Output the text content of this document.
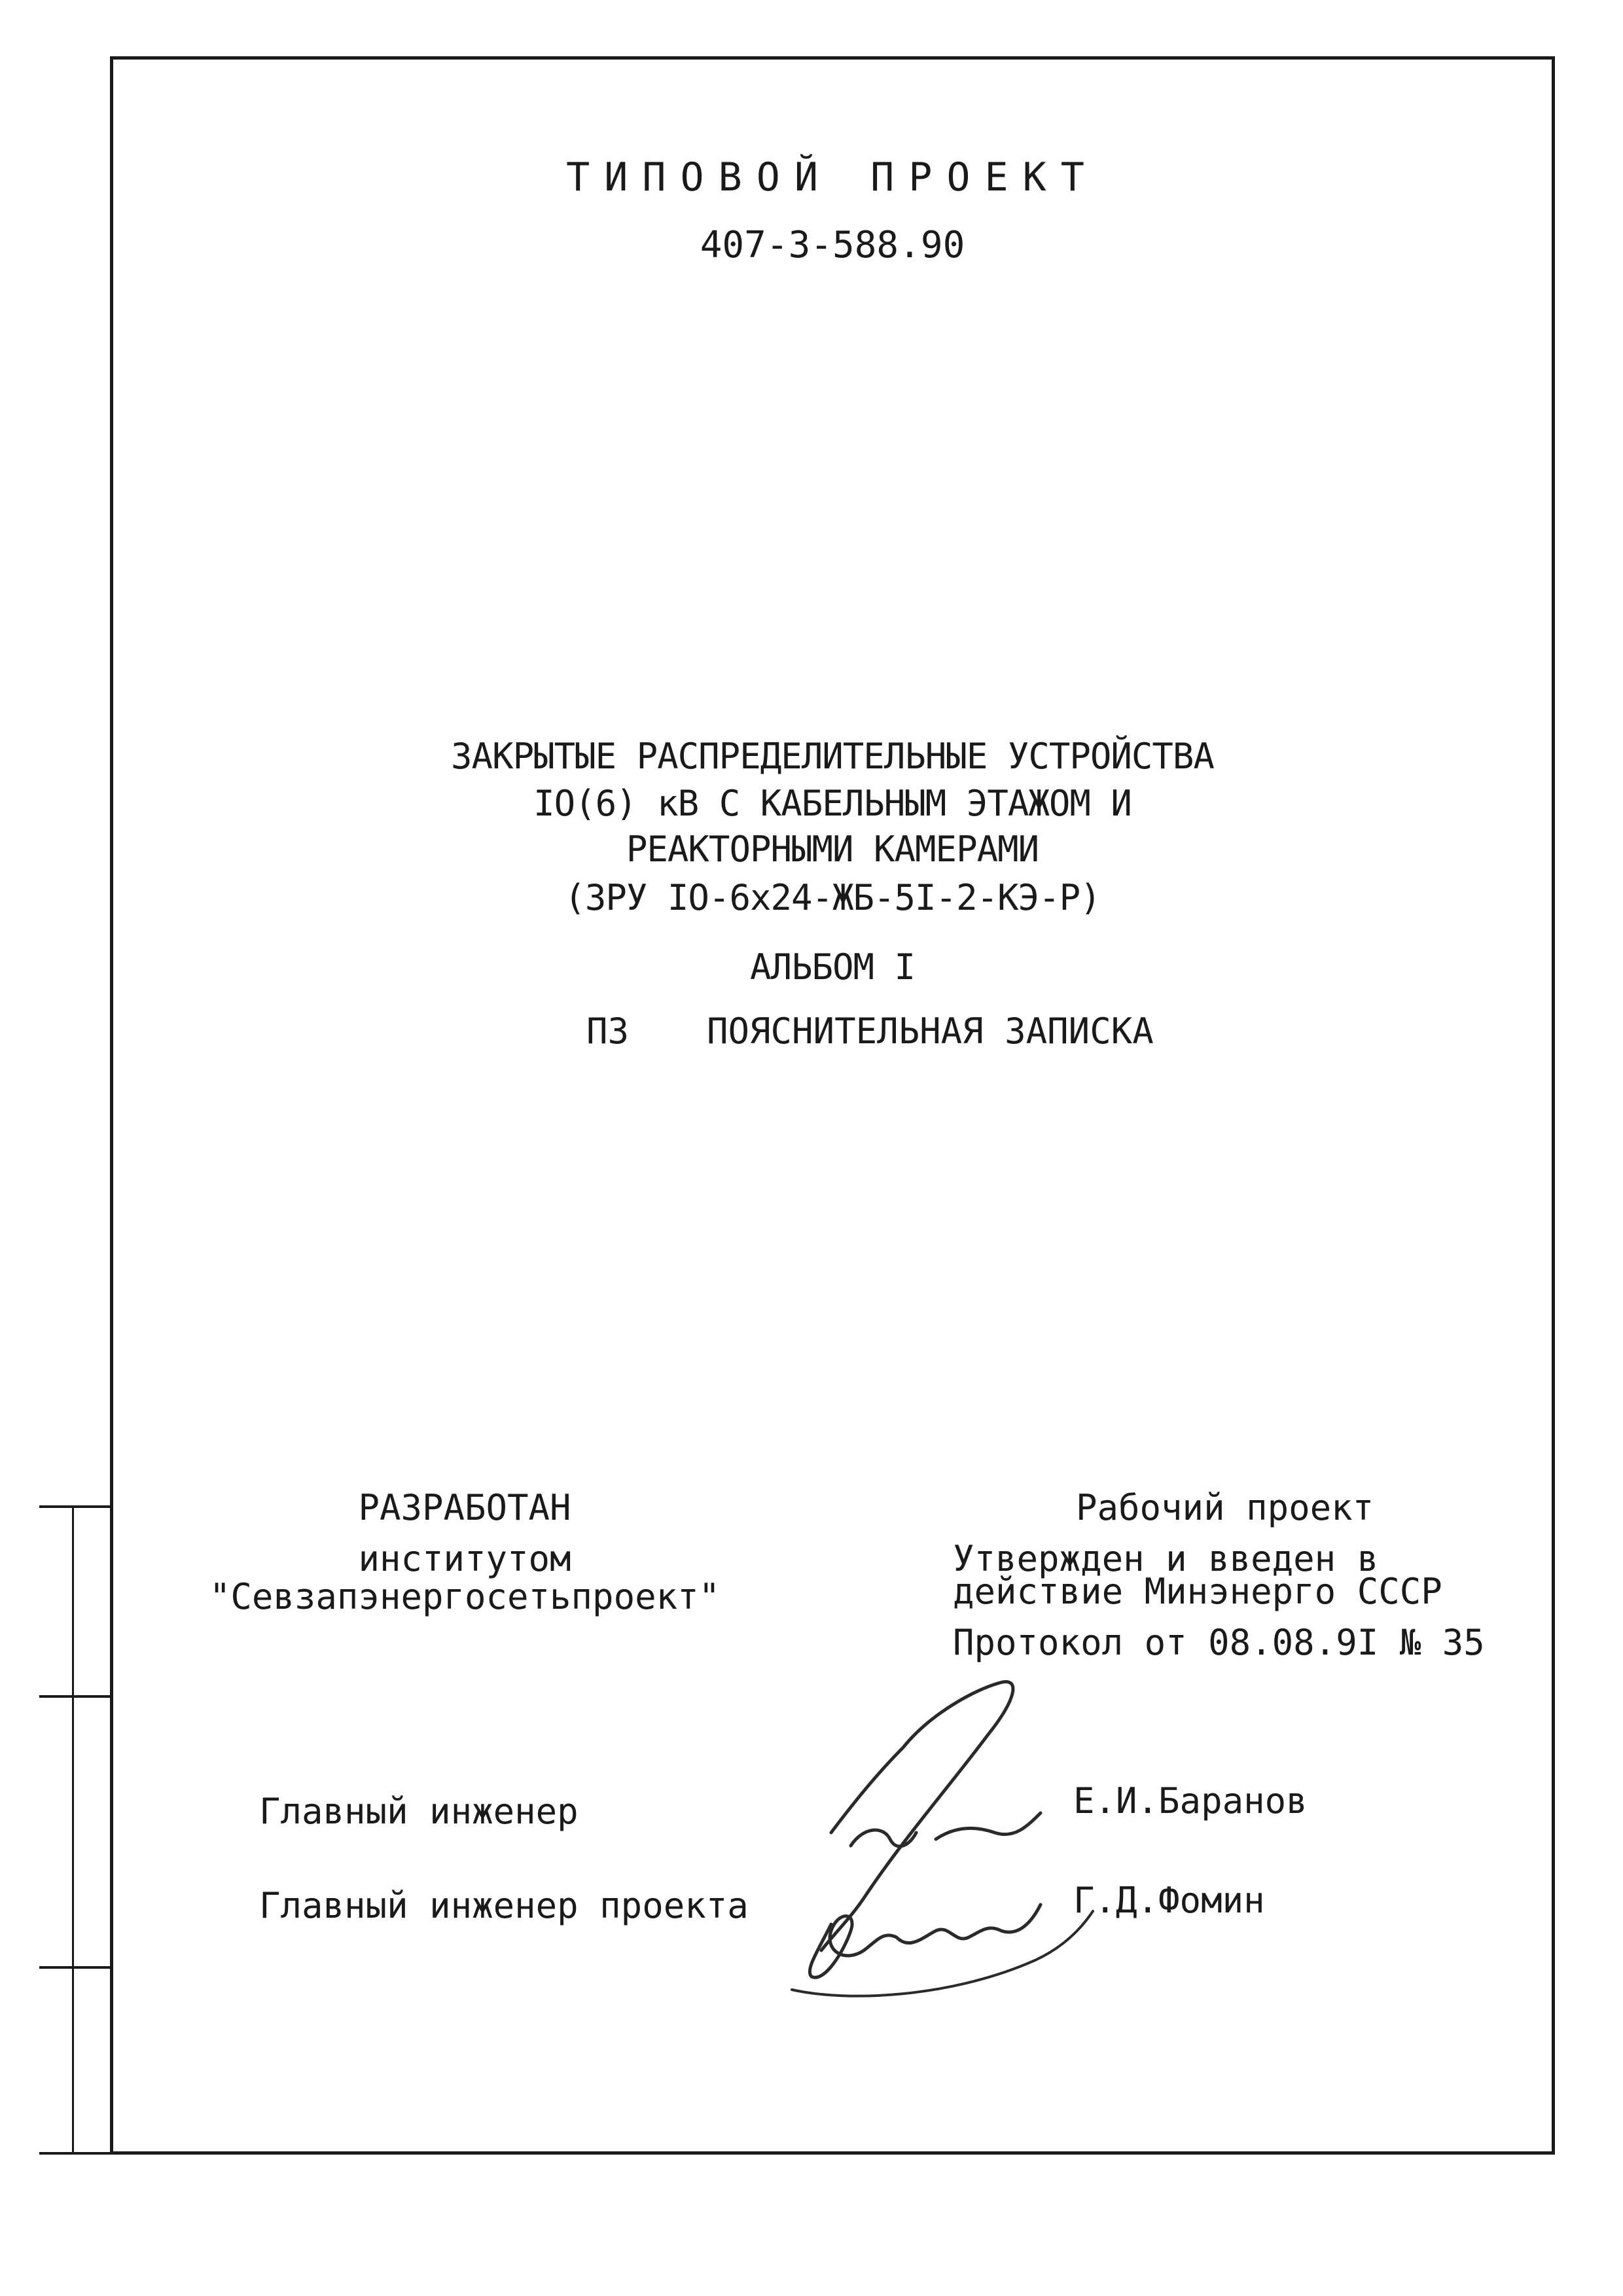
ТИПОВОЙ ПРОЕКТ
407-3-588.90
ЗАКРЫТЫЕ РАСПРЕДЕЛИТЕЛЬНЫЕ УСТРОЙСТВА
IO(6) кВ С КАБЕЛЬНЫМ ЭТАЖОМ И
РЕАКТОРНЫМИ КАМЕРАМИ
(ЗРУ IO-6x24-ЖБ-5I-2-КЭ-Р)
АЛЬБОМ I
ПЗ ПОЯСНИТЕЛЬНАЯ ЗАПИСКА
РАЗРАБОТАН
институтом
"Севзапэнергосетьпроект"
Рабочий проект
Утвержден и введен в
действие Минэнерго СССР
Протокол от 08.08.9I № 35
Главный инженер	Е.И.Баранов
Главный инженер проекта	Г.Д.Фомин
